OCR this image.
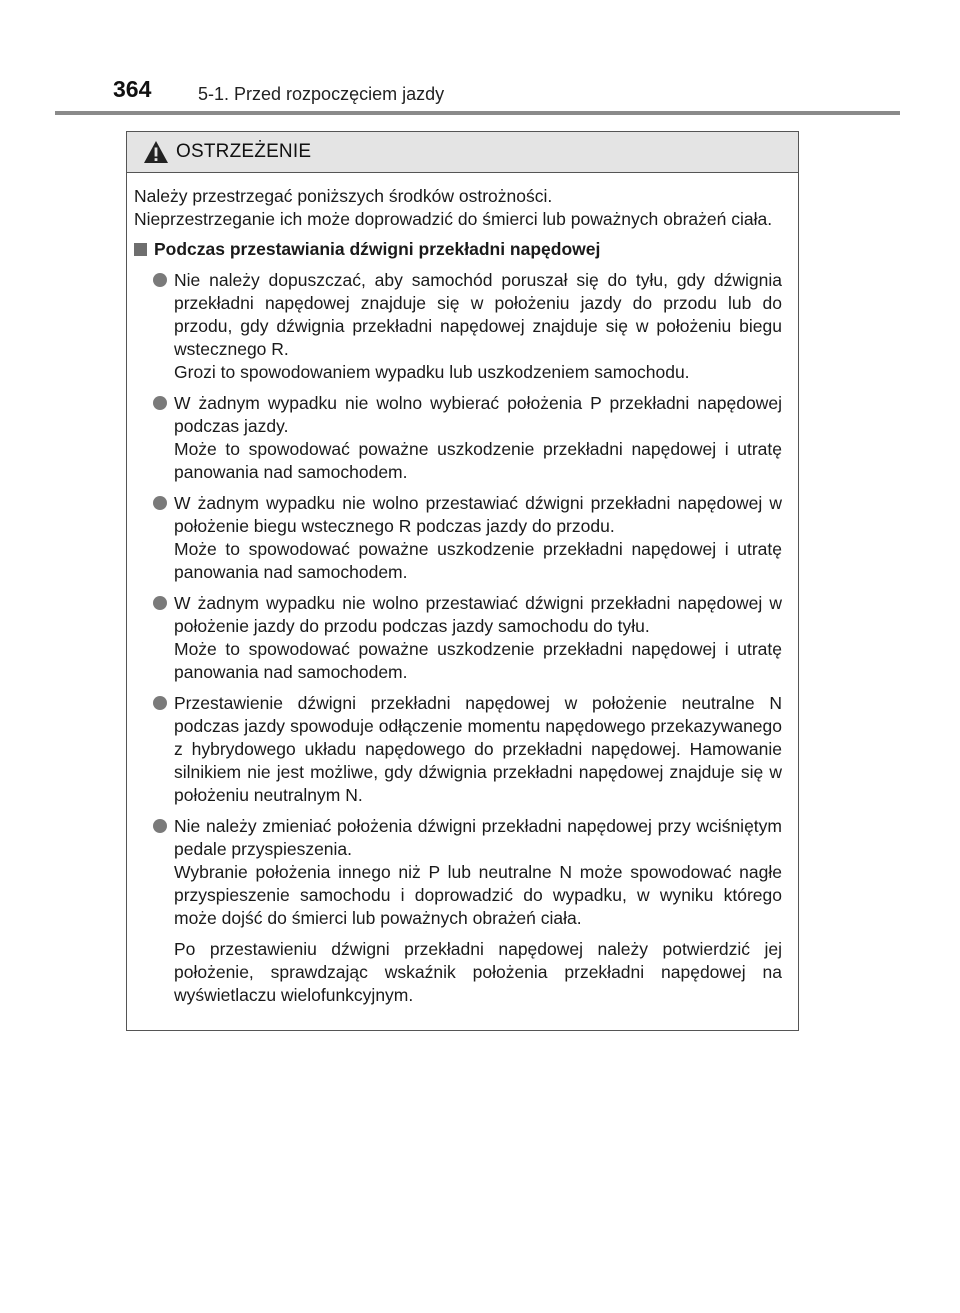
364	5-1. Przed rozpoczęciem jazdy
OSTRZEŻENIE

Należy przestrzegać poniższych środków ostrożności.

Nieprzestrzeganie ich może doprowadzić do śmierci lub poważnych obrażeń ciała.

Podczas przestawiania dźwigni przekładni napędowej

Nie należy dopuszczać, aby samochód poruszał się do tyłu, gdy dźwignia przekładni napędowej znajduje się w położeniu jazdy do przodu lub do przodu, gdy dźwignia przekładni napędowej znajduje się w położeniu biegu wstecznego R.

Grozi to spowodowaniem wypadku lub uszkodzeniem samochodu.

W żadnym wypadku nie wolno wybierać położenia P przekładni napędowej podczas jazdy.

Może to spowodować poważne uszkodzenie przekładni napędowej i utratę panowania nad samochodem.

W żadnym wypadku nie wolno przestawiać dźwigni przekładni napędowej w położenie biegu wstecznego R podczas jazdy do przodu.

Może to spowodować poważne uszkodzenie przekładni napędowej i utratę panowania nad samochodem.

W żadnym wypadku nie wolno przestawiać dźwigni przekładni napędowej w położenie jazdy do przodu podczas jazdy samochodu do tyłu.

Może to spowodować poważne uszkodzenie przekładni napędowej i utratę panowania nad samochodem.

Przestawienie dźwigni przekładni napędowej w położenie neutralne N podczas jazdy spowoduje odłączenie momentu napędowego przekazywanego z hybrydowego układu napędowego do przekładni napędowej. Hamowanie silnikiem nie jest możliwe, gdy dźwignia przekładni napędowej znajduje się w położeniu neutralnym N.

Nie należy zmieniać położenia dźwigni przekładni napędowej przy wciśniętym pedale przyspieszenia.

Wybranie położenia innego niż P lub neutralne N może spowodować nagłe przyspieszenie samochodu i doprowadzić do wypadku, w wyniku którego może dojść do śmierci lub poważnych obrażeń ciała.

Po przestawieniu dźwigni przekładni napędowej należy potwierdzić jej położenie, sprawdzając wskaźnik położenia przekładni napędowej na wyświetlaczu wielofunkcyjnym.
